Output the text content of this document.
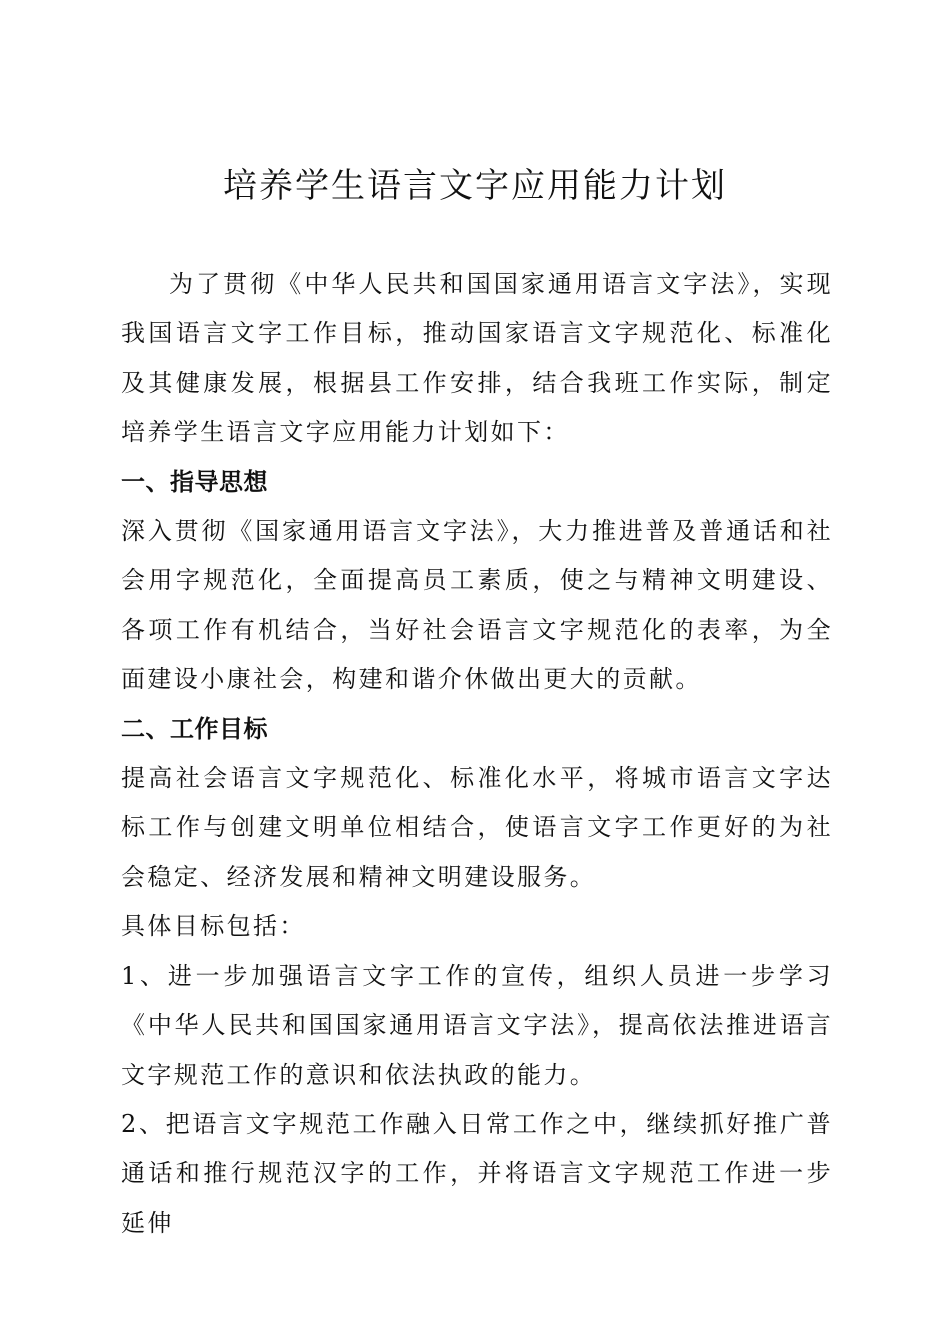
培养学生语言文字应用能力计划

为了贯彻《中华人民共和国国家通用语言文字法》，实现我国语言文字工作目标，推动国家语言文字规范化、标准化及其健康发展，根据县工作安排，结合我班工作实际，制定培养学生语言文字应用能力计划如下：

一、指导思想

深入贯彻《国家通用语言文字法》，大力推进普及普通话和社会用字规范化，全面提高员工素质，使之与精神文明建设、各项工作有机结合，当好社会语言文字规范化的表率，为全面建设小康社会，构建和谐介休做出更大的贡献。

二、工作目标

提高社会语言文字规范化、标准化水平，将城市语言文字达标工作与创建文明单位相结合，使语言文字工作更好的为社会稳定、经济发展和精神文明建设服务。

具体目标包括：

1、进一步加强语言文字工作的宣传，组织人员进一步学习《中华人民共和国国家通用语言文字法》，提高依法推进语言文字规范工作的意识和依法执政的能力。

2、把语言文字规范工作融入日常工作之中，继续抓好推广普通话和推行规范汉字的工作，并将语言文字规范工作进一步延伸
